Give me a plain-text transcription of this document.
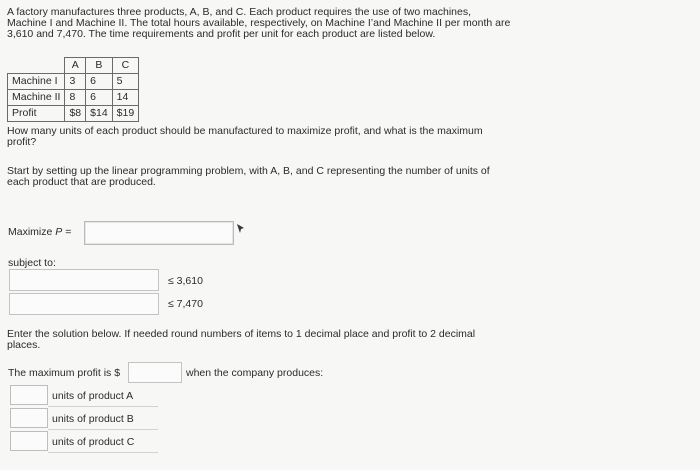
A factory manufactures three products, A, B, and C. Each product requires the use of two machines,
Machine I and Machine II. The total hours available, respectively, on Machine I’and Machine II per month are
3,610 and 7,470. The time requirements and profit per unit for each product are listed below.
	A	B	C
Machine I	3	6	5
Machine II	8	6	14
Profit	$8	$14	$19
How many units of each product should be manufactured to maximize profit, and what is the maximum
profit?
Start by setting up the linear programming problem, with A, B, and C representing the number of units of
each product that are produced.
Maximize P =
subject to:
≤ 3,610
≤ 7,470
Enter the solution below. If needed round numbers of items to 1 decimal place and profit to 2 decimal
places.
The maximum profit is $	when the company produces:
units of product A
units of product B
units of product C
